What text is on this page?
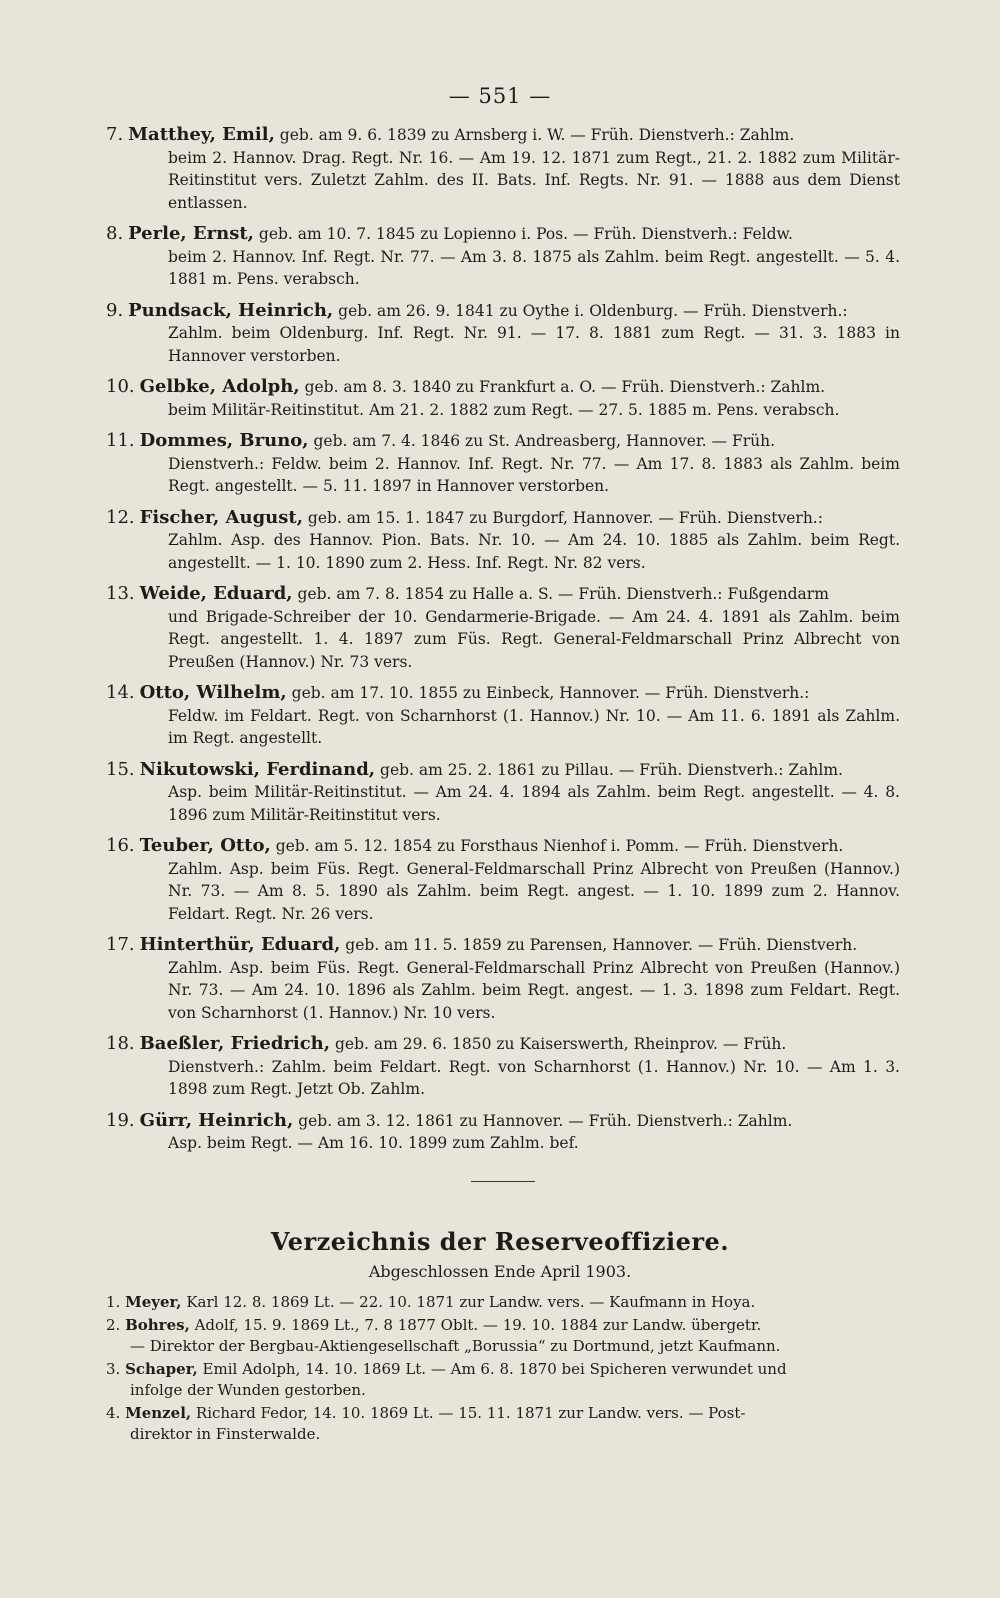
— 551 —
7. Matthey, Emil, geb. am 9. 6. 1839 zu Arnsberg i. W. — Früh. Dienstverh.: Zahlm.
beim 2. Hannov. Drag. Regt. Nr. 16. — Am 19. 12. 1871 zum Regt., 21. 2. 1882 zum Militär-Reitinstitut vers. Zuletzt Zahlm. des II. Bats. Inf. Regts. Nr. 91. — 1888 aus dem Dienst entlassen.
8. Perle, Ernst, geb. am 10. 7. 1845 zu Lopienno i. Pos. — Früh. Dienstverh.: Feldw.
beim 2. Hannov. Inf. Regt. Nr. 77. — Am 3. 8. 1875 als Zahlm. beim Regt. angestellt. — 5. 4. 1881 m. Pens. verabsch.
9. Pundsack, Heinrich, geb. am 26. 9. 1841 zu Oythe i. Oldenburg. — Früh. Dienstverh.:
Zahlm. beim Oldenburg. Inf. Regt. Nr. 91. — 17. 8. 1881 zum Regt. — 31. 3. 1883 in Hannover verstorben.
10. Gelbke, Adolph, geb. am 8. 3. 1840 zu Frankfurt a. O. — Früh. Dienstverh.: Zahlm.
beim Militär-Reitinstitut. Am 21. 2. 1882 zum Regt. — 27. 5. 1885 m. Pens. verabsch.
11. Dommes, Bruno, geb. am 7. 4. 1846 zu St. Andreasberg, Hannover. — Früh.
Dienstverh.: Feldw. beim 2. Hannov. Inf. Regt. Nr. 77. — Am 17. 8. 1883 als Zahlm. beim Regt. angestellt. — 5. 11. 1897 in Hannover verstorben.
12. Fischer, August, geb. am 15. 1. 1847 zu Burgdorf, Hannover. — Früh. Dienstverh.:
Zahlm. Asp. des Hannov. Pion. Bats. Nr. 10. — Am 24. 10. 1885 als Zahlm. beim Regt. angestellt. — 1. 10. 1890 zum 2. Hess. Inf. Regt. Nr. 82 vers.
13. Weide, Eduard, geb. am 7. 8. 1854 zu Halle a. S. — Früh. Dienstverh.: Fußgendarm
und Brigade-Schreiber der 10. Gendarmerie-Brigade. — Am 24. 4. 1891 als Zahlm. beim Regt. angestellt. 1. 4. 1897 zum Füs. Regt. General-Feldmarschall Prinz Albrecht von Preußen (Hannov.) Nr. 73 vers.
14. Otto, Wilhelm, geb. am 17. 10. 1855 zu Einbeck, Hannover. — Früh. Dienstverh.:
Feldw. im Feldart. Regt. von Scharnhorst (1. Hannov.) Nr. 10. — Am 11. 6. 1891 als Zahlm. im Regt. angestellt.
15. Nikutowski, Ferdinand, geb. am 25. 2. 1861 zu Pillau. — Früh. Dienstverh.: Zahlm.
Asp. beim Militär-Reitinstitut. — Am 24. 4. 1894 als Zahlm. beim Regt. angestellt. — 4. 8. 1896 zum Militär-Reitinstitut vers.
16. Teuber, Otto, geb. am 5. 12. 1854 zu Forsthaus Nienhof i. Pomm. — Früh. Dienstverh.
Zahlm. Asp. beim Füs. Regt. General-Feldmarschall Prinz Albrecht von Preußen (Hannov.) Nr. 73. — Am 8. 5. 1890 als Zahlm. beim Regt. angest. — 1. 10. 1899 zum 2. Hannov. Feldart. Regt. Nr. 26 vers.
17. Hinterthür, Eduard, geb. am 11. 5. 1859 zu Parensen, Hannover. — Früh. Dienstverh.
Zahlm. Asp. beim Füs. Regt. General-Feldmarschall Prinz Albrecht von Preußen (Hannov.) Nr. 73. — Am 24. 10. 1896 als Zahlm. beim Regt. angest. — 1. 3. 1898 zum Feldart. Regt. von Scharnhorst (1. Hannov.) Nr. 10 vers.
18. Baeßler, Friedrich, geb. am 29. 6. 1850 zu Kaiserswerth, Rheinprov. — Früh.
Dienstverh.: Zahlm. beim Feldart. Regt. von Scharnhorst (1. Hannov.) Nr. 10. — Am 1. 3. 1898 zum Regt. Jetzt Ob. Zahlm.
19. Gürr, Heinrich, geb. am 3. 12. 1861 zu Hannover. — Früh. Dienstverh.: Zahlm.
Asp. beim Regt. — Am 16. 10. 1899 zum Zahlm. bef.
Verzeichnis der Reserveoffiziere.
Abgeschlossen Ende April 1903.
1. Meyer, Karl 12. 8. 1869 Lt. — 22. 10. 1871 zur Landw. vers. — Kaufmann in Hoya.
2. Bohres, Adolf, 15. 9. 1869 Lt., 7. 8 1877 Oblt. — 19. 10. 1884 zur Landw. übergetr.
— Direktor der Bergbau-Aktiengesellschaft „Borussia“ zu Dortmund, jetzt Kaufmann.
3. Schaper, Emil Adolph, 14. 10. 1869 Lt. — Am 6. 8. 1870 bei Spicheren verwundet und
infolge der Wunden gestorben.
4. Menzel, Richard Fedor, 14. 10. 1869 Lt. — 15. 11. 1871 zur Landw. vers. — Post-
direktor in Finsterwalde.
